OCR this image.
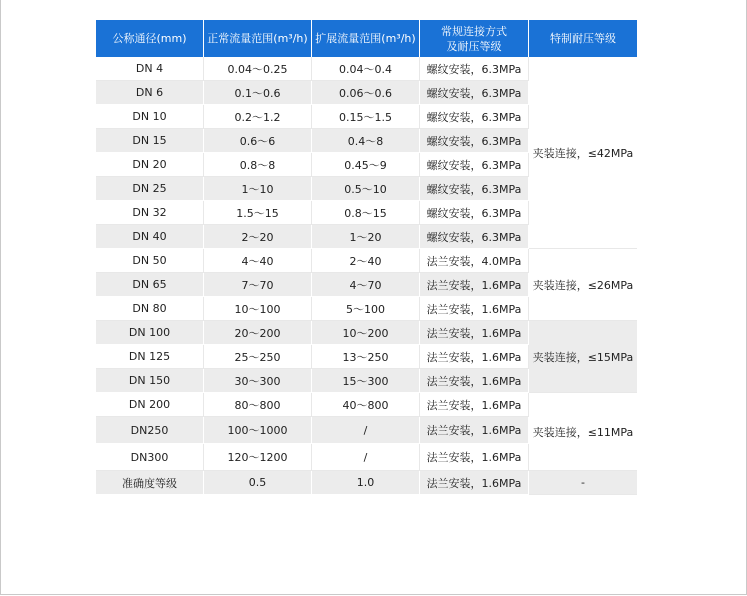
公称通径(mm)	正常流量范围(m³/h)	扩展流量范围(m³/h)	常规连接方式
及耐压等级	特制耐压等级
DN 4	0.04～0.25	0.04～0.4	螺纹安装，6.3MPa	夹装连接，≤42MPa
DN 6	0.1～0.6	0.06～0.6	螺纹安装，6.3MPa	
DN 10	0.2～1.2	0.15～1.5	螺纹安装，6.3MPa	
DN 15	0.6～6	0.4～8	螺纹安装，6.3MPa	
DN 20	0.8～8	0.45～9	螺纹安装，6.3MPa	
DN 25	1～10	0.5～10	螺纹安装，6.3MPa	
DN 32	1.5～15	0.8～15	螺纹安装，6.3MPa	
DN 40	2～20	1～20	螺纹安装，6.3MPa	
DN 50	4～40	2～40	法兰安装，4.0MPa	夹装连接，≤26MPa
DN 65	7～70	4～70	法兰安装，1.6MPa	
DN 80	10～100	5～100	法兰安装，1.6MPa	
DN 100	20～200	10～200	法兰安装，1.6MPa	夹装连接，≤15MPa
DN 125	25～250	13～250	法兰安装，1.6MPa	
DN 150	30～300	15～300	法兰安装，1.6MPa	
DN 200	80～800	40～800	法兰安装，1.6MPa	夹装连接，≤11MPa
DN250	100～1000	/	法兰安装，1.6MPa	
DN300	120～1200	/	法兰安装，1.6MPa	
准确度等级	0.5	1.0	法兰安装，1.6MPa	-
